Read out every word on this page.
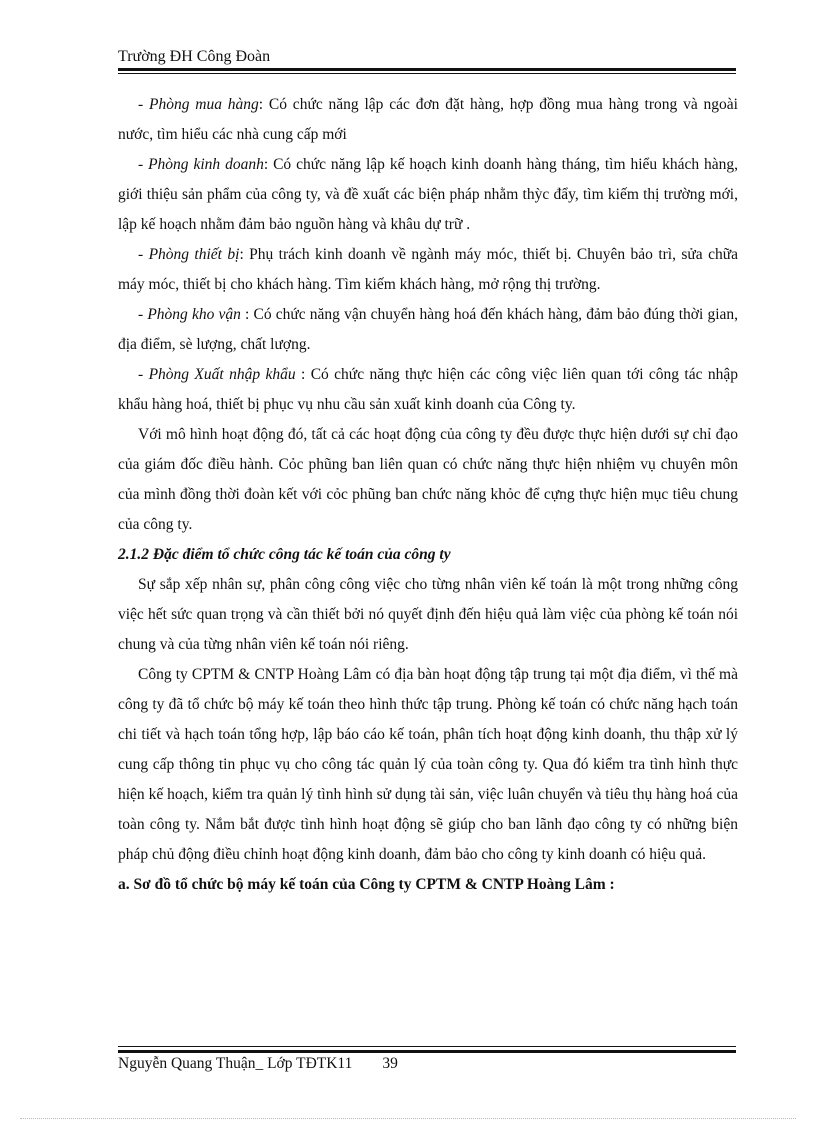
Trường ĐH Công Đoàn

- Phòng mua hàng: Có chức năng lập các đơn đặt hàng, hợp đồng mua hàng trong và ngoài nước, tìm hiểu các nhà cung cấp mới

- Phòng kinh doanh: Có chức năng lập kế hoạch kinh doanh hàng tháng, tìm hiểu khách hàng, giới thiệu sản phẩm của công ty, và đề xuất các biện pháp nhằm thỳc đẩy, tìm kiếm thị trường mới, lập kế hoạch nhằm đảm bảo nguồn hàng và khâu dự trữ .

- Phòng thiết bị: Phụ trách kinh doanh về ngành máy móc, thiết bị. Chuyên bảo trì, sửa chữa máy móc, thiết bị cho khách hàng. Tìm kiếm khách hàng, mở rộng thị trường.

- Phòng kho vận : Có chức năng vận chuyển hàng hoá đến khách hàng, đảm bảo đúng thời gian, địa điểm, sè lượng, chất lượng.

- Phòng Xuất nhập khẩu : Có chức năng thực hiện các công việc liên quan tới công tác nhập khẩu hàng hoá, thiết bị phục vụ nhu cầu sản xuất kinh doanh của Công ty.

Với mô hình hoạt động đó, tất cả các hoạt động của công ty đều được thực hiện dưới sự chỉ đạo của giám đốc điều hành. Cỏc phũng ban liên quan có chức năng thực hiện nhiệm vụ chuyên môn của mình đồng thời đoàn kết với cỏc phũng ban chức năng khỏc để cựng thực hiện mục tiêu chung của công ty.

2.1.2 Đặc điểm tổ chức công tác kế toán của công ty

Sự sắp xếp nhân sự, phân công công việc cho từng nhân viên kế toán là một trong những công việc hết sức quan trọng và cần thiết bởi nó quyết định đến hiệu quả làm việc của phòng kế toán nói chung và của từng nhân viên kế toán nói riêng.

Công ty CPTM & CNTP Hoàng Lâm có địa bàn hoạt động tập trung tại một địa điểm, vì thế mà công ty đã tổ chức bộ máy kế toán theo hình thức tập trung. Phòng kế toán có chức năng hạch toán chi tiết và hạch toán tổng hợp, lập báo cáo kế toán, phân tích hoạt động kinh doanh, thu thập xử lý cung cấp thông tin phục vụ cho công tác quản lý của toàn công ty. Qua đó kiểm tra tình hình thực hiện kế hoạch, kiểm tra quản lý tình hình sử dụng tài sản, việc luân chuyển và tiêu thụ hàng hoá của toàn công ty. Nắm bắt được tình hình hoạt động sẽ giúp cho ban lãnh đạo công ty có những biện pháp chủ động điều chỉnh hoạt động kinh doanh, đảm bảo cho công ty kinh doanh có hiệu quả.

a. Sơ đồ tổ chức bộ máy kế toán của Công ty CPTM & CNTP Hoàng Lâm :

Nguyễn Quang Thuận_ Lớp TĐTK11 39
